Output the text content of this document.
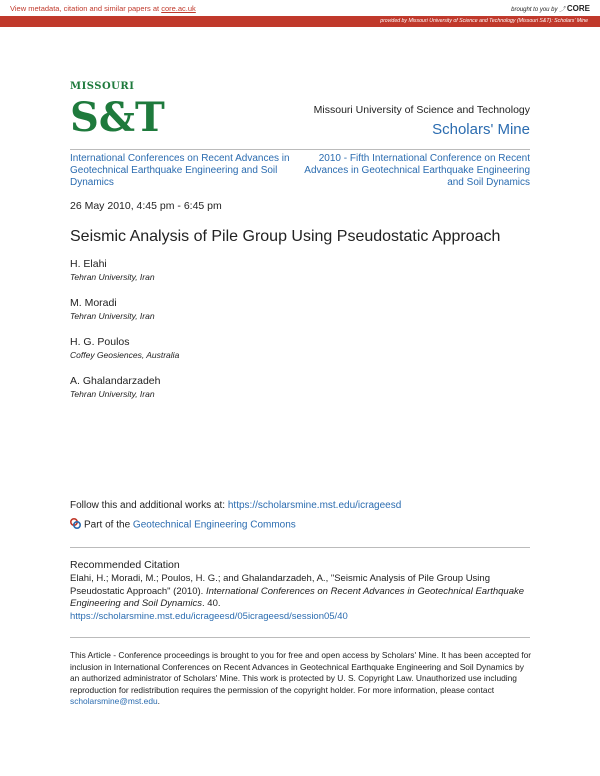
View metadata, citation and similar papers at core.ac.uk	brought to you by ⤴ CORE
provided by Missouri University of Science and Technology (Missouri S&T): Scholars' Mine
MISSOURI
S&T	Missouri University of Science and Technology
Scholars' Mine
International Conferences on Recent Advances in Geotechnical Earthquake Engineering and Soil Dynamics
2010 - Fifth International Conference on Recent Advances in Geotechnical Earthquake Engineering and Soil Dynamics
26 May 2010, 4:45 pm - 6:45 pm
Seismic Analysis of Pile Group Using Pseudostatic Approach
H. Elahi
Tehran University, Iran
M. Moradi
Tehran University, Iran
H. G. Poulos
Coffey Geosiences, Australia
A. Ghalandarzadeh
Tehran University, Iran
Follow this and additional works at: https://scholarsmine.mst.edu/icrageesd
Part of the Geotechnical Engineering Commons
Recommended Citation
Elahi, H.; Moradi, M.; Poulos, H. G.; and Ghalandarzadeh, A., "Seismic Analysis of Pile Group Using Pseudostatic Approach" (2010). International Conferences on Recent Advances in Geotechnical Earthquake Engineering and Soil Dynamics. 40.
https://scholarsmine.mst.edu/icrageesd/05icrageesd/session05/40
This Article - Conference proceedings is brought to you for free and open access by Scholars' Mine. It has been accepted for inclusion in International Conferences on Recent Advances in Geotechnical Earthquake Engineering and Soil Dynamics by an authorized administrator of Scholars' Mine. This work is protected by U. S. Copyright Law. Unauthorized use including reproduction for redistribution requires the permission of the copyright holder. For more information, please contact scholarsmine@mst.edu.
